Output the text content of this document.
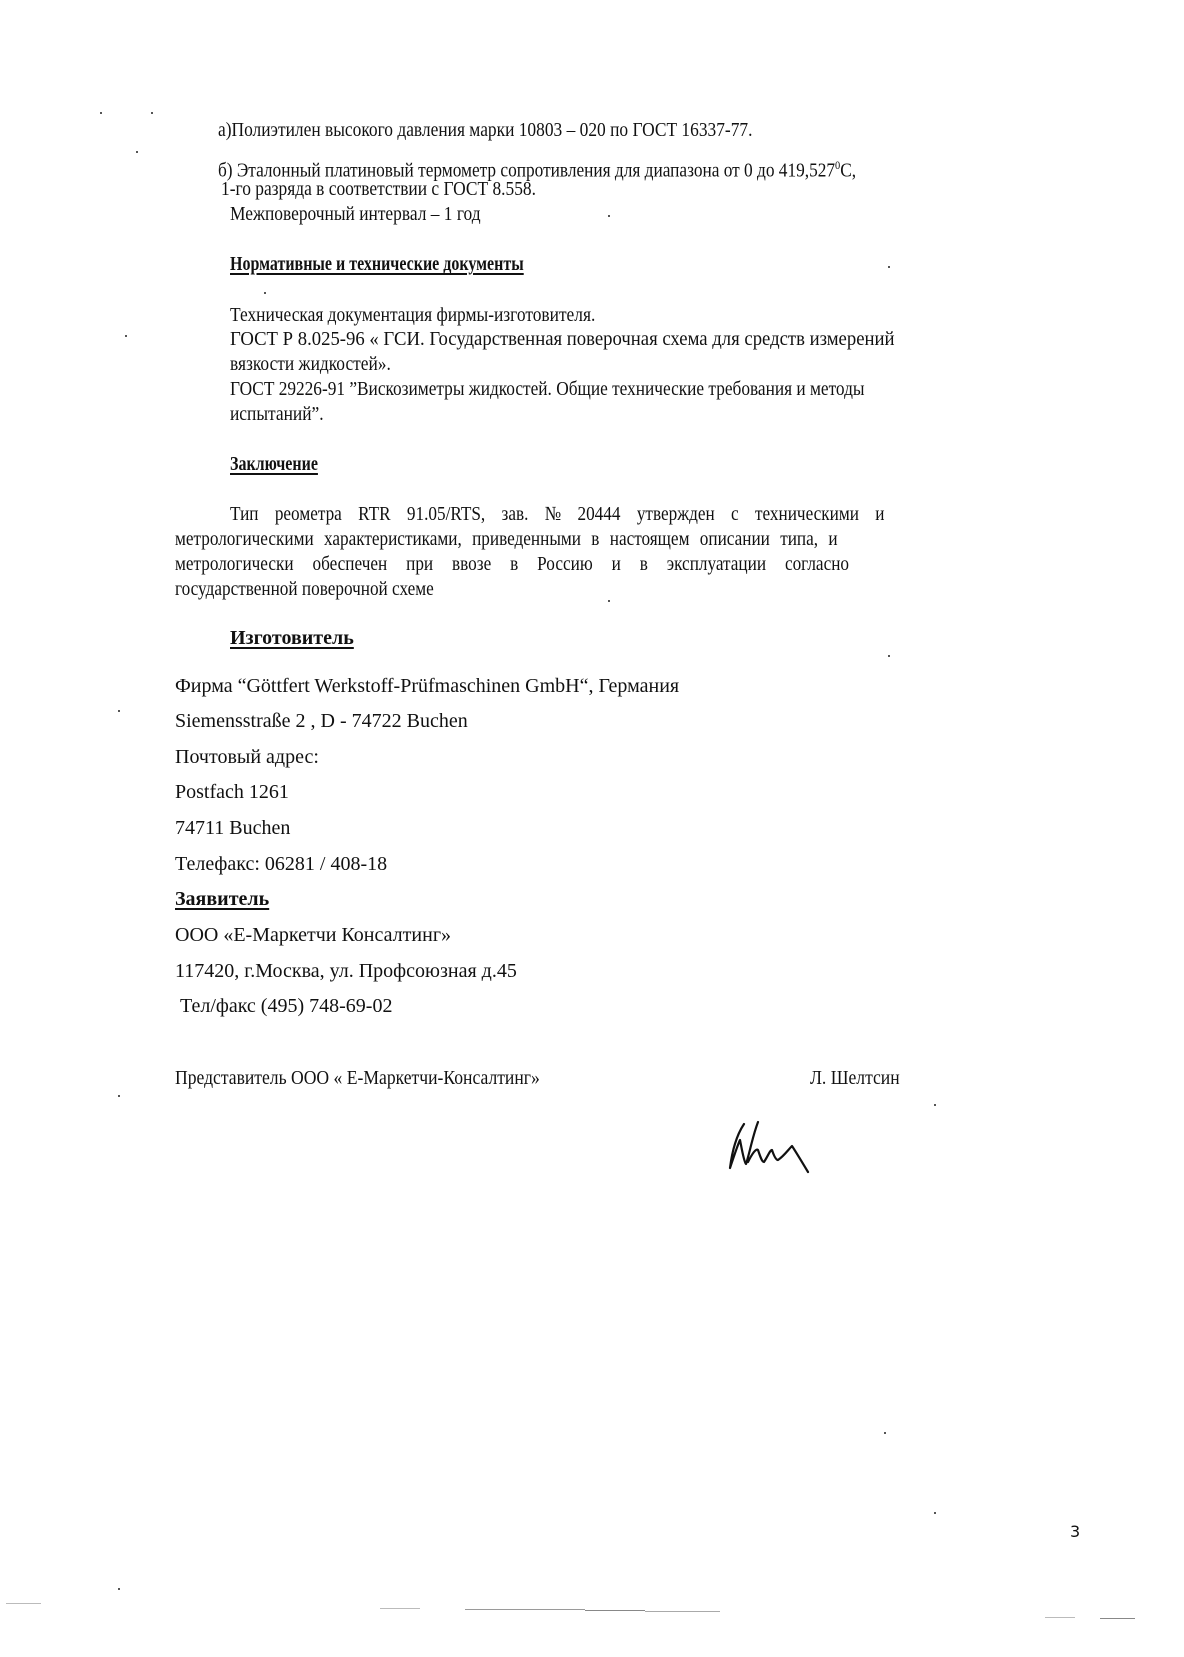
а)Полиэтилен высокого давления марки 10803 – 020 по ГОСТ 16337-77.
б) Эталонный платиновый термометр сопротивления для диапазона от 0 до 419,527$^0$С,
1-го разряда в соответствии с ГОСТ 8.558.
Межповерочный интервал – 1 год
Нормативные и технические документы
Техническая документация фирмы-изготовителя.
ГОСТ Р 8.025-96 « ГСИ. Государственная поверочная схема для средств измерений
вязкости жидкостей».
ГОСТ 29226-91 ”Вискозиметры жидкостей. Общие технические требования и методы
испытаний”.
Заключение
Тип реометра RTR 91.05/RTS, зав. № 20444 утвержден с техническими и
метрологическими характеристиками, приведенными в настоящем описании типа, и
метрологически обеспечен при ввозе в Россию и в эксплуатации согласно
государственной поверочной схеме
Изготовитель
Фирма “Göttfert Werkstoff-Prüfmaschinen GmbH“, Германия
Siemensstraße 2 , D - 74722 Buchen
Почтовый адрес:
Postfach 1261
74711 Buchen
Телефакс: 06281 / 408-18
Заявитель
ООО «Е-Маркетчи Консалтинг»
117420, г.Москва, ул. Профсоюзная д.45
Тел/факс (495) 748-69-02
Представитель ООО « Е-Маркетчи-Консалтинг»	Л. Шелтсин
3
